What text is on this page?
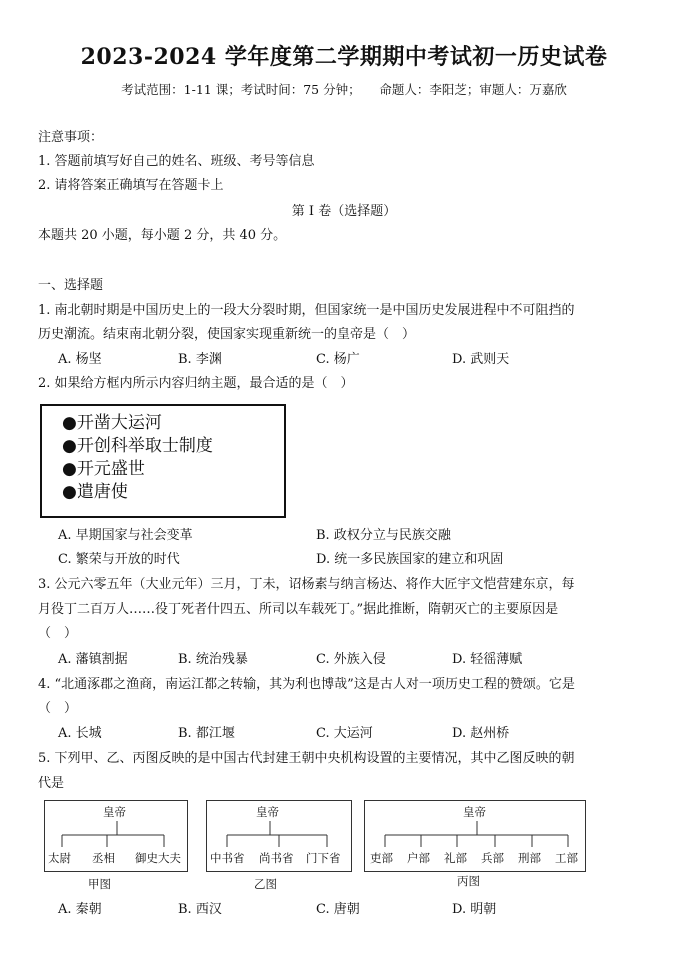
2023-2024 学年度第二学期期中考试初一历史试卷
考试范围：1-11 课；考试时间：75 分钟；　　命题人：李阳芝；审题人：万嘉欣
注意事项：
1. 答题前填写好自己的姓名、班级、考号等信息
2. 请将答案正确填写在答题卡上
第 I 卷（选择题）
本题共 20 小题，每小题 2 分，共 40 分。
一、选择题
1. 南北朝时期是中国历史上的一段大分裂时期，但国家统一是中国历史发展进程中不可阻挡的
历史潮流。结束南北朝分裂，使国家实现重新统一的皇帝是（　）
A. 杨坚	B. 李渊	C. 杨广	D. 武则天
2. 如果给方框内所示内容归纳主题，最合适的是（　）
●开凿大运河
●开创科举取士制度
●开元盛世
●遣唐使
A. 早期国家与社会变革	B. 政权分立与民族交融
C. 繁荣与开放的时代	D. 统一多民族国家的建立和巩固
3. 公元六零五年（大业元年）三月，丁未，诏杨素与纳言杨达、将作大匠宇文恺营建东京，每
月役丁二百万人……役丁死者什四五、所司以车载死丁。”据此推断，隋朝灭亡的主要原因是
（　）
A. 藩镇割据	B. 统治残暴	C. 外族入侵	D. 轻徭薄赋
4. “北通涿郡之渔商，南运江都之转输，其为利也博哉”这是古人对一项历史工程的赞颂。它是
（　）
A. 长城	B. 都江堰	C. 大运河	D. 赵州桥
5. 下列甲、乙、丙图反映的是中国古代封建王朝中央机构设置的主要情况，其中乙图反映的朝
代是
皇帝
太尉 丞相 御史大夫
甲图
皇帝
中书省 尚书省 门下省
乙图
皇帝
吏部 户部 礼部 兵部 刑部 工部
丙图
A. 秦朝	B. 西汉	C. 唐朝	D. 明朝
